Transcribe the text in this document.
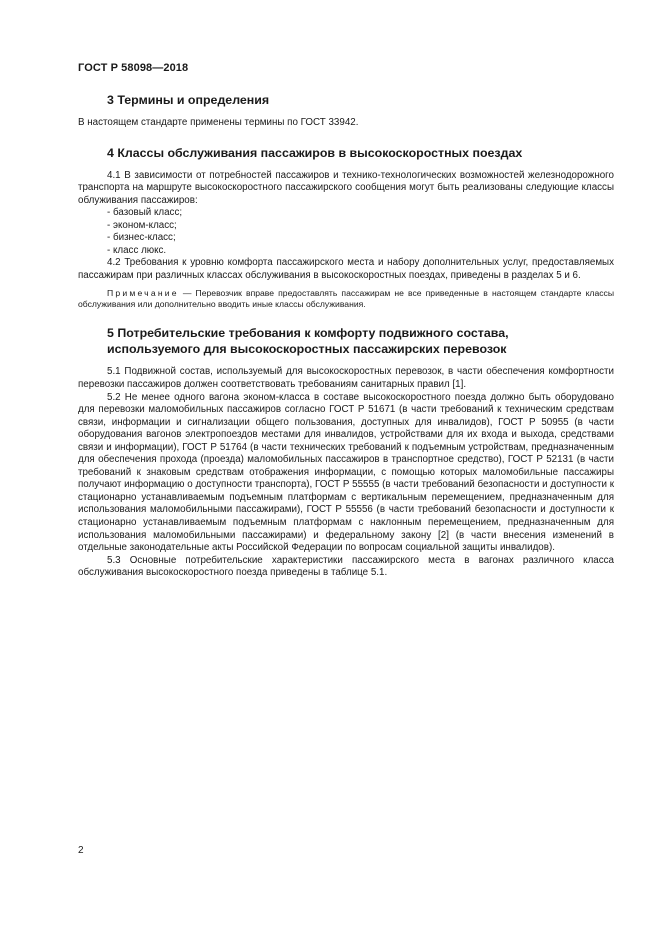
ГОСТ Р 58098—2018
3 Термины и определения

В настоящем стандарте применены термины по ГОСТ 33942.

4 Классы обслуживания пассажиров в высокоскоростных поездах

4.1 В зависимости от потребностей пассажиров и технико-технологических возможностей железнодорожного транспорта на маршруте высокоскоростного пассажирского сообщения могут быть реализованы следующие классы облуживания пассажиров:

- базовый класс;
- эконом-класс;
- бизнес-класс;
- класс люкс.

4.2 Требования к уровню комфорта пассажирского места и набору дополнительных услуг, предоставляемых пассажирам при различных классах обслуживания в высокоскоростных поездах, приведены в разделах 5 и 6.

Примечание — Перевозчик вправе предоставлять пассажирам не все приведенные в настоящем стандарте классы обслуживания или дополнительно вводить иные классы обслуживания.

5 Потребительские требования к комфорту подвижного состава,
используемого для высокоскоростных пассажирских перевозок

5.1 Подвижной состав, используемый для высокоскоростных перевозок, в части обеспечения комфортности перевозки пассажиров должен соответствовать требованиям санитарных правил [1].

5.2 Не менее одного вагона эконом-класса в составе высокоскоростного поезда должно быть оборудовано для перевозки маломобильных пассажиров согласно ГОСТ Р 51671 (в части требований к техническим средствам связи, информации и сигнализации общего пользования, доступных для инвалидов), ГОСТ Р 50955 (в части оборудования вагонов электропоездов местами для инвалидов, устройствами для их входа и выхода, средствами связи и информации), ГОСТ Р 51764 (в части технических требований к подъемным устройствам, предназначенным для обеспечения прохода (проезда) маломобильных пассажиров в транспортное средство), ГОСТ Р 52131 (в части требований к знаковым средствам отображения информации, с помощью которых маломобильные пассажиры получают информацию о доступности транспорта), ГОСТ Р 55555 (в части требований безопасности и доступности к стационарно устанавливаемым подъемным платформам с вертикальным перемещением, предназначенным для использования маломобильными пассажирами), ГОСТ Р 55556 (в части требований безопасности и доступности к стационарно устанавливаемым подъемным платформам с наклонным перемещением, предназначенным для использования маломобильными пассажирами) и федеральному закону [2] (в части внесения изменений в отдельные законодательные акты Российской Федерации по вопросам социальной защиты инвалидов).

5.3 Основные потребительские характеристики пассажирского места в вагонах различного класса обслуживания высокоскоростного поезда приведены в таблице 5.1.

2
